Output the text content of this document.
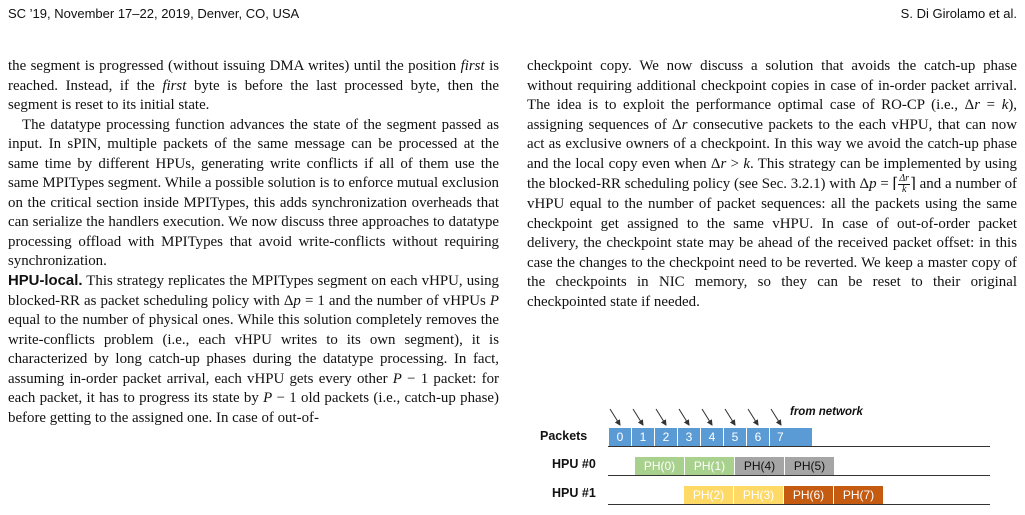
SC ’19, November 17–22, 2019, Denver, CO, USA	S. Di Girolamo et al.

the segment is progressed (without issuing DMA writes) until the position first is reached. Instead, if the first byte is before the last processed byte, then the segment is reset to its initial state.

The datatype processing function advances the state of the segment passed as input. In sPIN, multiple packets of the same message can be processed at the same time by different HPUs, generating write conflicts if all of them use the same MPITypes segment. While a possible solution is to enforce mutual exclusion on the critical section inside MPITypes, this adds synchronization overheads that can serialize the handlers execution. We now discuss three approaches to datatype processing offload with MPITypes that avoid write-conflicts without requiring synchronization.

HPU-local. This strategy replicates the MPITypes segment on each vHPU, using blocked-RR as packet scheduling policy with Δp = 1 and the number of vHPUs P equal to the number of physical ones. While this solution completely removes the write-conflicts problem (i.e., each vHPU writes to its own segment), it is characterized by long catch-up phases during the datatype processing. In fact, assuming in-order packet arrival, each vHPU gets every other P − 1 packet: for each packet, it has to progress its state by P − 1 old packets (i.e., catch-up phase) before getting to the assigned one. In case of out-of-

checkpoint copy. We now discuss a solution that avoids the catch-up phase without requiring additional checkpoint copies in case of in-order packet arrival. The idea is to exploit the performance optimal case of RO-CP (i.e., Δr = k), assigning sequences of Δr consecutive packets to the each vHPU, that can now act as exclusive owners of a checkpoint. In this way we avoid the catch-up phase and the local copy even when Δr > k. This strategy can be implemented by using the blocked-RR scheduling policy (see Sec. 3.2.1) with Δp = ⌈ $\frac{\Delta r}{k}$ ⌉ and a number of vHPU equal to the number of packet sequences: all the packets using the same checkpoint get assigned to the same vHPU. In case of out-of-order packet delivery, the checkpoint state may be ahead of the received packet offset: in this case the changes to the checkpoint need to be reverted. We keep a master copy of the checkpoints in NIC memory, so they can be reset to their original checkpointed state if needed.

from network
Packets	0	1	2	3	4	5	6	7
HPU #0	PH(0)	PH(1)	PH(4)	PH(5)
HPU #1	PH(2)	PH(3)	PH(6)	PH(7)
